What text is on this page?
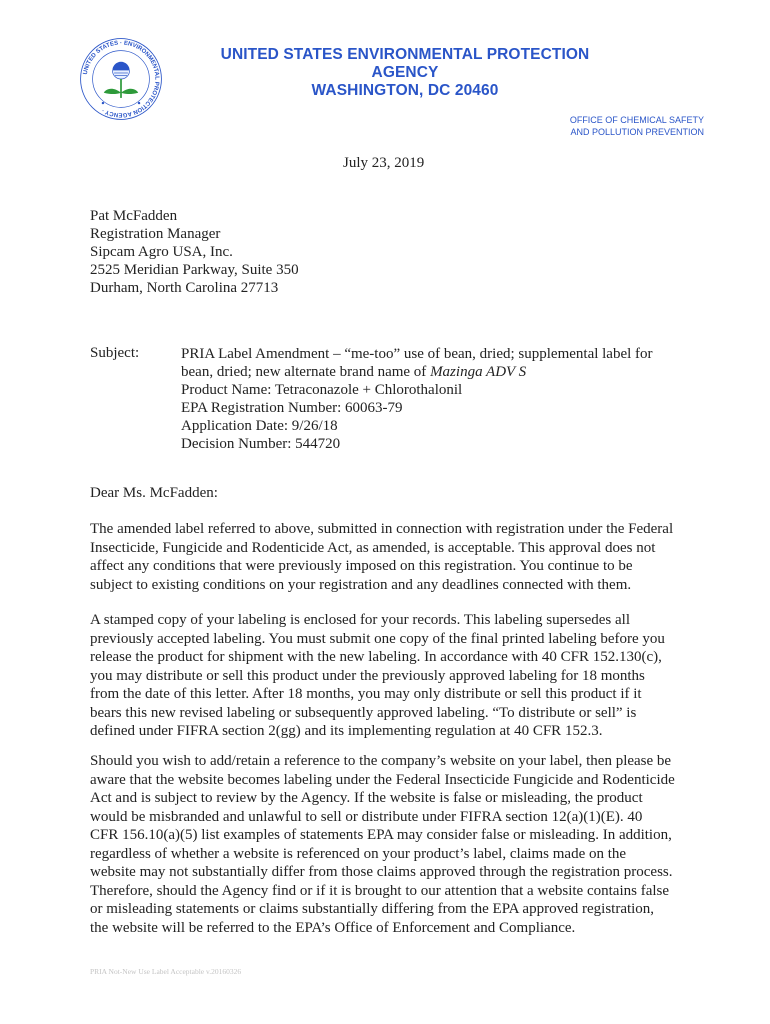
UNITED STATES · ENVIRONMENTAL PROTECTION AGENCY ·
UNITED STATES ENVIRONMENTAL PROTECTION AGENCY
WASHINGTON, DC 20460
OFFICE OF CHEMICAL SAFETY
AND POLLUTION PREVENTION
July 23, 2019
Pat McFadden
Registration Manager
Sipcam Agro USA, Inc.
2525 Meridian Parkway, Suite 350
Durham, North Carolina 27713
Subject:	PRIA Label Amendment – “me-too” use of bean, dried; supplemental label for
bean, dried; new alternate brand name of Mazinga ADV S
Product Name: Tetraconazole + Chlorothalonil
EPA Registration Number: 60063-79
Application Date: 9/26/18
Decision Number: 544720
Dear Ms. McFadden:
The amended label referred to above, submitted in connection with registration under the Federal
Insecticide, Fungicide and Rodenticide Act, as amended, is acceptable. This approval does not
affect any conditions that were previously imposed on this registration. You continue to be
subject to existing conditions on your registration and any deadlines connected with them.
A stamped copy of your labeling is enclosed for your records. This labeling supersedes all
previously accepted labeling. You must submit one copy of the final printed labeling before you
release the product for shipment with the new labeling. In accordance with 40 CFR 152.130(c),
you may distribute or sell this product under the previously approved labeling for 18 months
from the date of this letter. After 18 months, you may only distribute or sell this product if it
bears this new revised labeling or subsequently approved labeling. “To distribute or sell” is
defined under FIFRA section 2(gg) and its implementing regulation at 40 CFR 152.3.
Should you wish to add/retain a reference to the company’s website on your label, then please be
aware that the website becomes labeling under the Federal Insecticide Fungicide and Rodenticide
Act and is subject to review by the Agency. If the website is false or misleading, the product
would be misbranded and unlawful to sell or distribute under FIFRA section 12(a)(1)(E). 40
CFR 156.10(a)(5) list examples of statements EPA may consider false or misleading. In addition,
regardless of whether a website is referenced on your product’s label, claims made on the
website may not substantially differ from those claims approved through the registration process.
Therefore, should the Agency find or if it is brought to our attention that a website contains false
or misleading statements or claims substantially differing from the EPA approved registration,
the website will be referred to the EPA’s Office of Enforcement and Compliance.
PRIA Not-New Use Label Acceptable v.20160326
